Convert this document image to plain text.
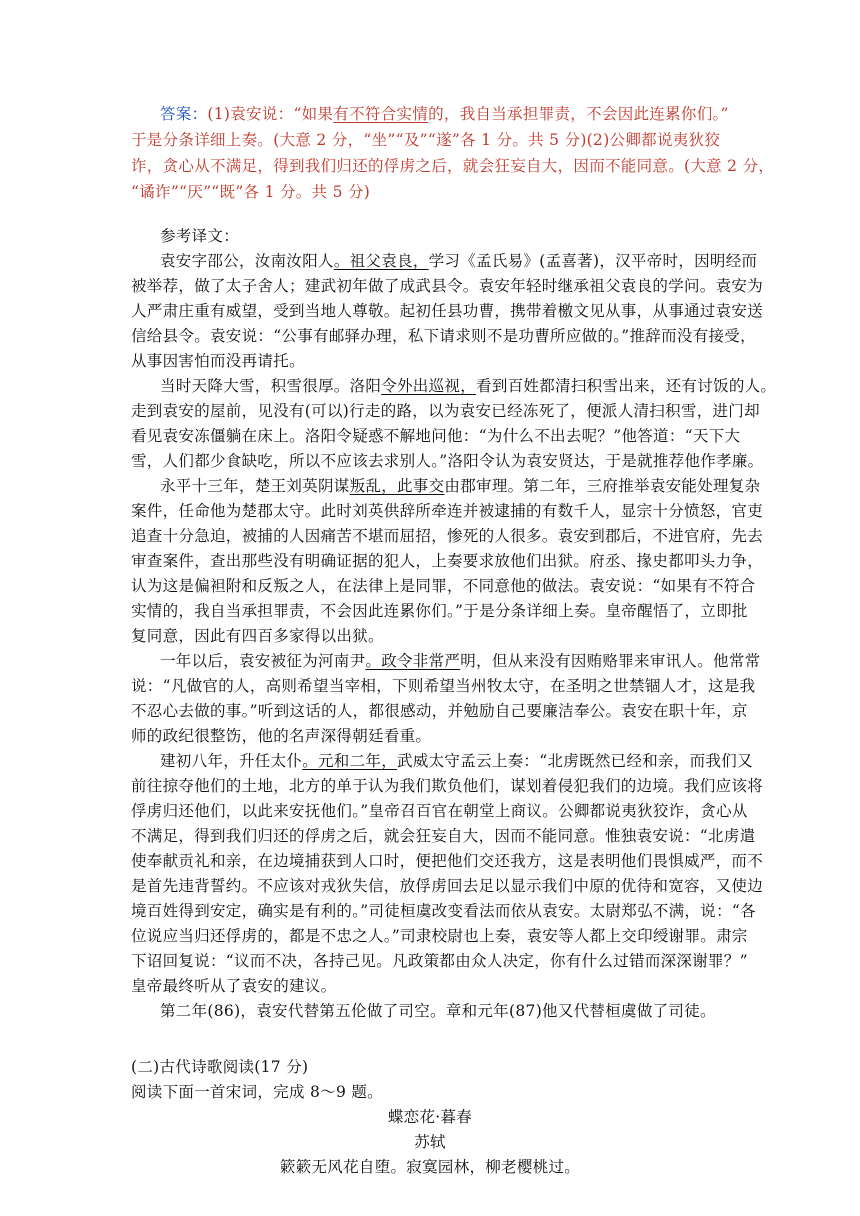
答案：(1)袁安说：“如果有不符合实情的，我自当承担罪责，不会因此连累你们。”
于是分条详细上奏。(大意 2 分，“坐”“及”“遂”各 1 分。共 5 分)(2)公卿都说夷狄狡
诈，贪心从不满足，得到我们归还的俘虏之后，就会狂妄自大，因而不能同意。(大意 2 分，
“谲诈”“厌”“既”各 1 分。共 5 分)
参考译文：
袁安字邵公，汝南汝阳人。祖父袁良，学习《孟氏易》(孟喜著)，汉平帝时，因明经而
被举荐，做了太子舍人；建武初年做了成武县令。袁安年轻时继承祖父袁良的学问。袁安为
人严肃庄重有威望，受到当地人尊敬。起初任县功曹，携带着檄文见从事，从事通过袁安送
信给县令。袁安说：“公事有邮驿办理，私下请求则不是功曹所应做的。”推辞而没有接受，
从事因害怕而没再请托。
当时天降大雪，积雪很厚。洛阳令外出巡视，看到百姓都清扫积雪出来，还有讨饭的人。
走到袁安的屋前，见没有(可以)行走的路，以为袁安已经冻死了，便派人清扫积雪，进门却
看见袁安冻僵躺在床上。洛阳令疑惑不解地问他：“为什么不出去呢？”他答道：“天下大
雪，人们都少食缺吃，所以不应该去求别人。”洛阳令认为袁安贤达，于是就推荐他作孝廉。
永平十三年，楚王刘英阴谋叛乱，此事交由郡审理。第二年，三府推举袁安能处理复杂
案件，任命他为楚郡太守。此时刘英供辞所牵连并被逮捕的有数千人，显宗十分愤怒，官吏
追查十分急迫，被捕的人因痛苦不堪而屈招，惨死的人很多。袁安到郡后，不进官府，先去
审查案件，查出那些没有明确证据的犯人，上奏要求放他们出狱。府丞、掾史都叩头力争，
认为这是偏袒附和反叛之人，在法律上是同罪，不同意他的做法。袁安说：“如果有不符合
实情的，我自当承担罪责，不会因此连累你们。”于是分条详细上奏。皇帝醒悟了，立即批
复同意，因此有四百多家得以出狱。
一年以后，袁安被征为河南尹。政令非常严明，但从来没有因贿赂罪来审讯人。他常常
说：“凡做官的人，高则希望当宰相，下则希望当州牧太守，在圣明之世禁锢人才，这是我
不忍心去做的事。”听到这话的人，都很感动，并勉励自己要廉洁奉公。袁安在职十年，京
师的政纪很整饬，他的名声深得朝廷看重。
建初八年，升任太仆。元和二年，武威太守孟云上奏：“北虏既然已经和亲，而我们又
前往掠夺他们的土地，北方的单于认为我们欺负他们，谋划着侵犯我们的边境。我们应该将
俘虏归还他们，以此来安抚他们。”皇帝召百官在朝堂上商议。公卿都说夷狄狡诈，贪心从
不满足，得到我们归还的俘虏之后，就会狂妄自大，因而不能同意。惟独袁安说：“北虏遣
使奉献贡礼和亲，在边境捕获到人口时，便把他们交还我方，这是表明他们畏惧威严，而不
是首先违背誓约。不应该对戎狄失信，放俘虏回去足以显示我们中原的优待和宽容，又使边
境百姓得到安定，确实是有利的。”司徒桓虞改变看法而依从袁安。太尉郑弘不满，说：“各
位说应当归还俘虏的，都是不忠之人。”司隶校尉也上奏，袁安等人都上交印绶谢罪。肃宗
下诏回复说：“议而不决，各持己见。凡政策都由众人决定，你有什么过错而深深谢罪？”
皇帝最终听从了袁安的建议。
第二年(86)，袁安代替第五伦做了司空。章和元年(87)他又代替桓虞做了司徒。
(二)古代诗歌阅读(17 分)
阅读下面一首宋词，完成 8～9 题。
蝶恋花·暮春
苏轼
簌簌无风花自堕。寂寞园林，柳老樱桃过。
